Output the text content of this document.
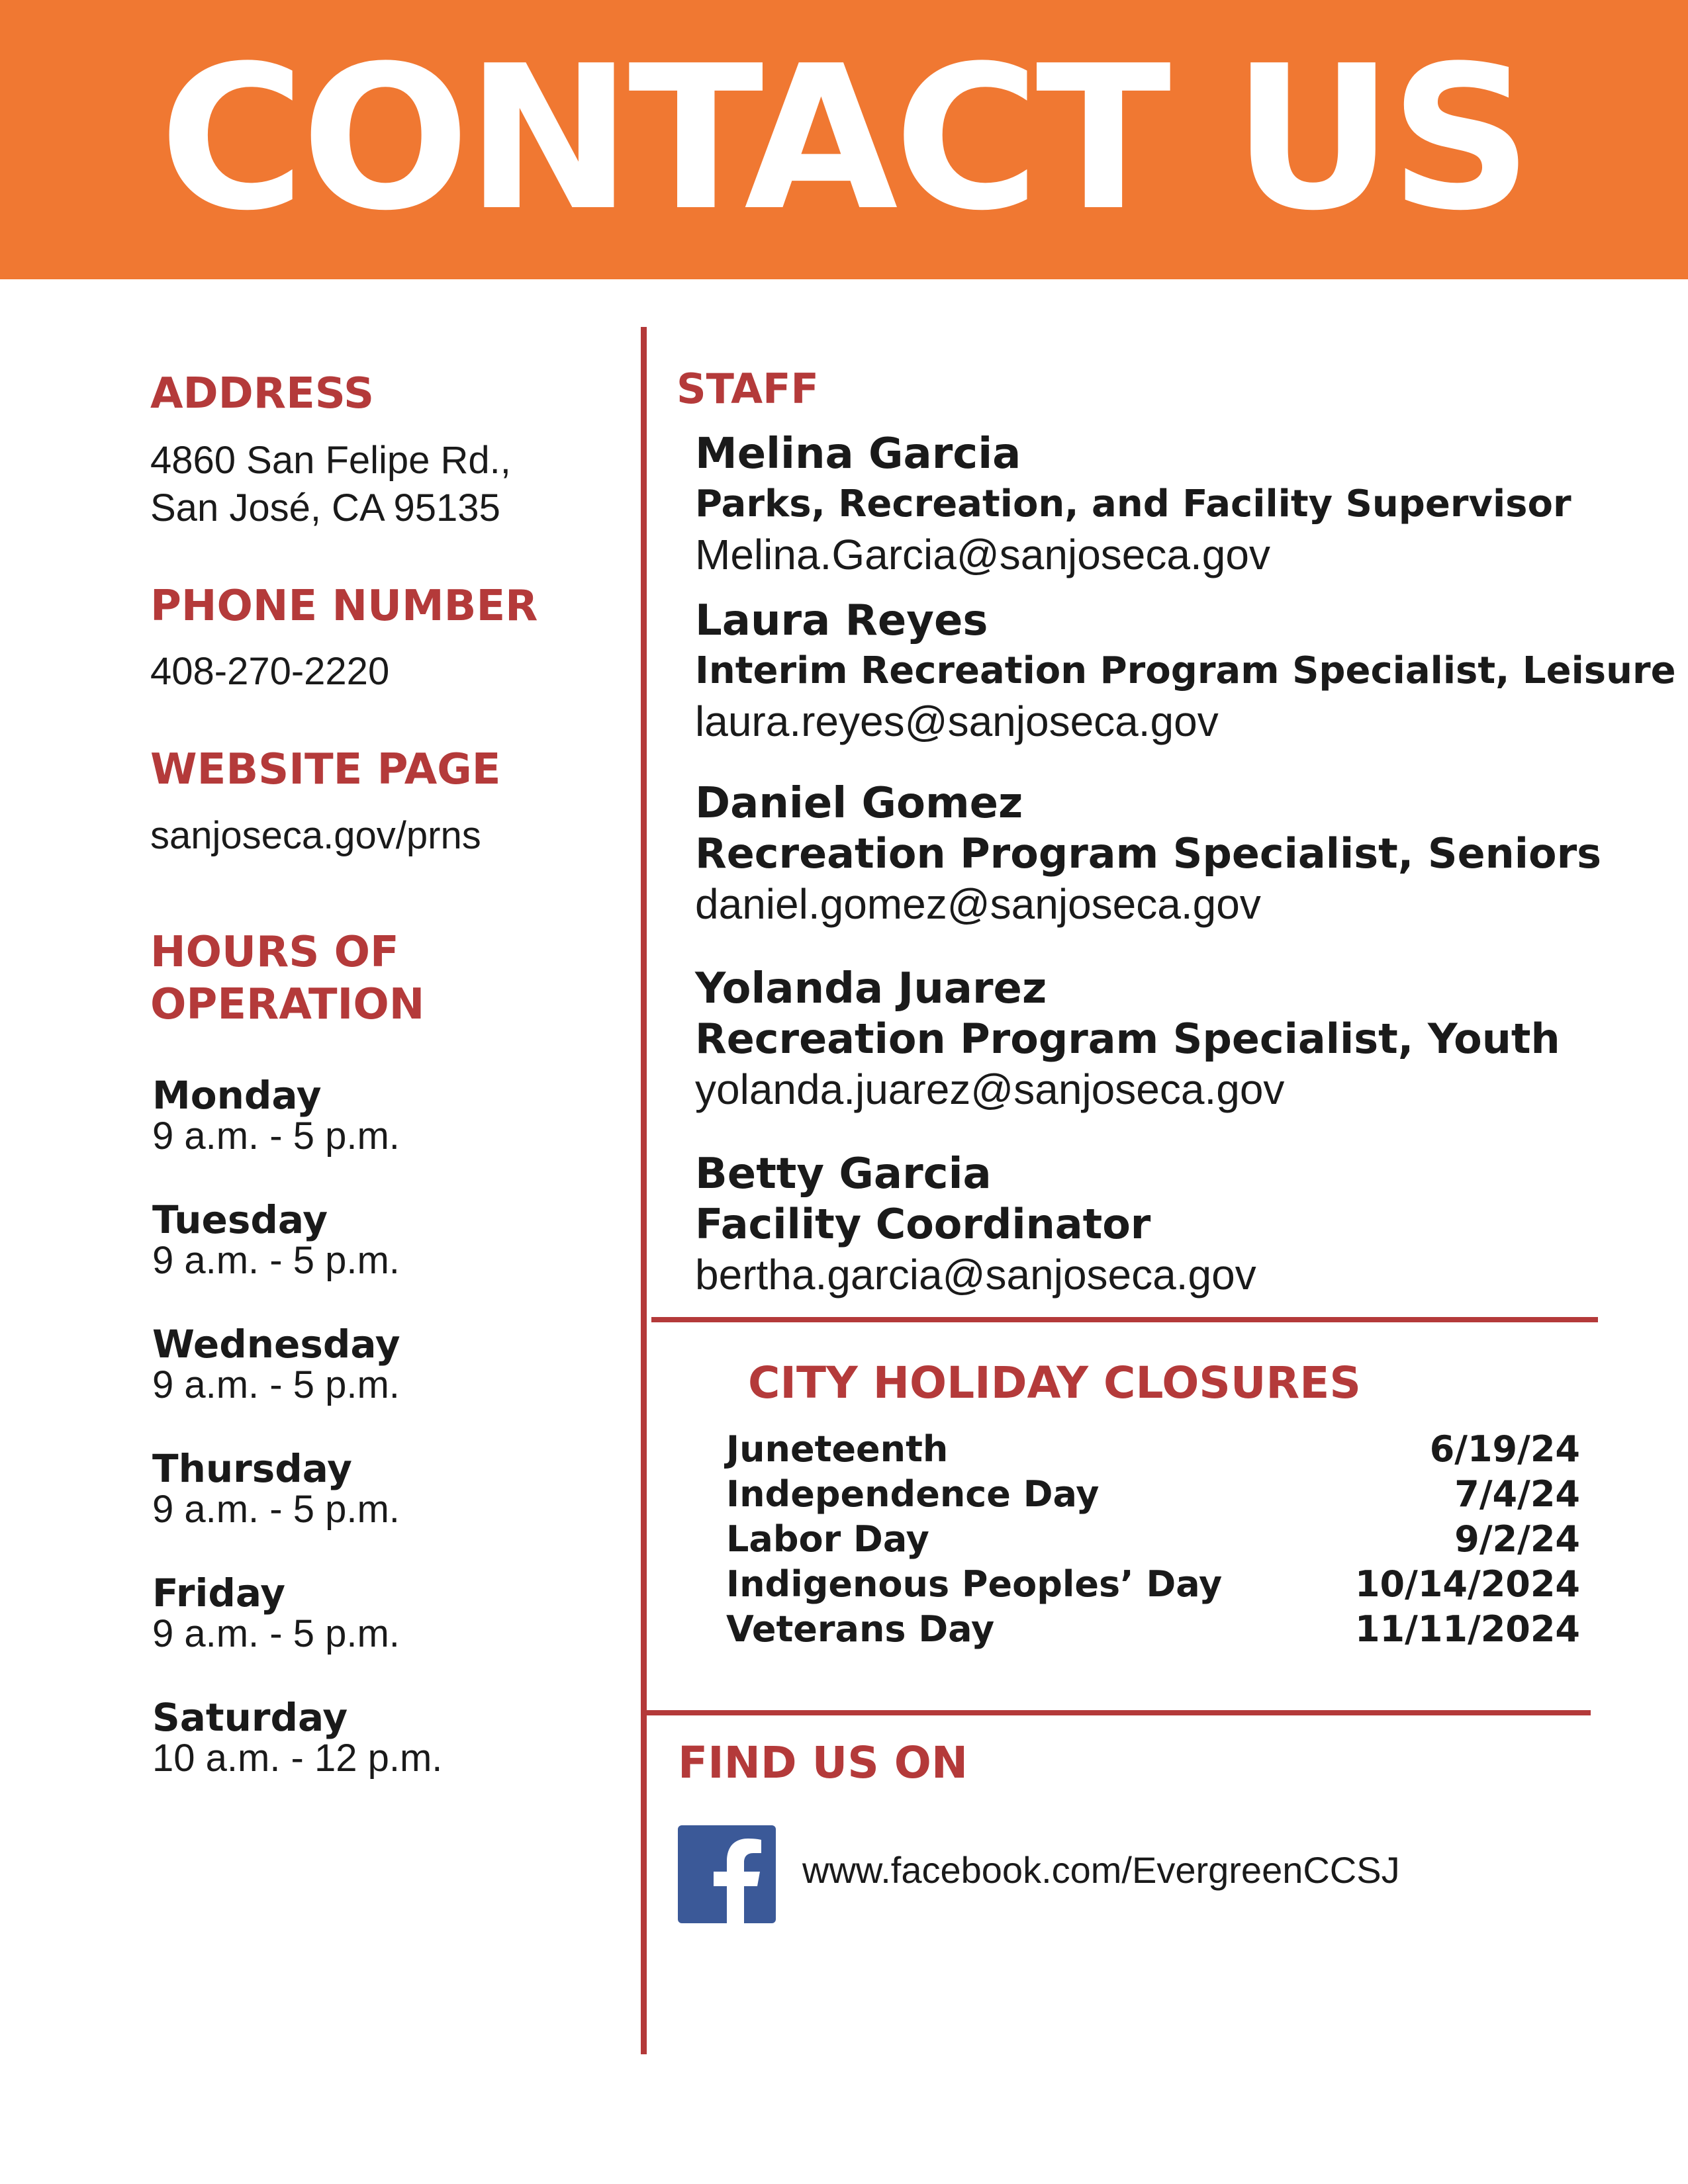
CONTACT US
ADDRESS

4860 San Felipe Rd.,

San José, CA 95135

PHONE NUMBER

408-270-2220

WEBSITE PAGE

sanjoseca.gov/prns

HOURS OF
OPERATION
Monday
9 a.m. - 5 p.m.
Tuesday
9 a.m. - 5 p.m.
Wednesday
9 a.m. - 5 p.m.
Thursday
9 a.m. - 5 p.m.
Friday
9 a.m. - 5 p.m.
Saturday
10 a.m. - 12 p.m.
STAFF
Melina Garcia
Parks, Recreation, and Facility Supervisor
Melina.Garcia@sanjoseca.gov
Laura Reyes
Interim Recreation Program Specialist, Leisure
laura.reyes@sanjoseca.gov
Daniel Gomez
Recreation Program Specialist, Seniors
daniel.gomez@sanjoseca.gov
Yolanda Juarez
Recreation Program Specialist, Youth
yolanda.juarez@sanjoseca.gov
Betty Garcia
Facility Coordinator
bertha.garcia@sanjoseca.gov
CITY HOLIDAY CLOSURES
Juneteenth	6/19/24
Independence Day	7/4/24
Labor Day	9/2/24
Indigenous Peoples’ Day	10/14/2024
Veterans Day	11/11/2024
FIND US ON

www.facebook.com/EvergreenCCSJ
